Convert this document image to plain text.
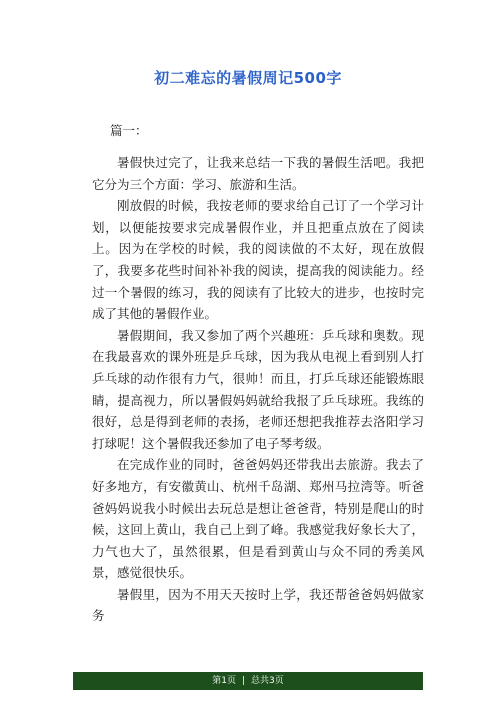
初二难忘的暑假周记500字

篇一：

暑假快过完了，让我来总结一下我的暑假生活吧。我把它分为三个方面：学习、旅游和生活。

刚放假的时候，我按老师的要求给自己订了一个学习计划，以便能按要求完成暑假作业，并且把重点放在了阅读上。因为在学校的时候，我的阅读做的不太好，现在放假了，我要多花些时间补补我的阅读，提高我的阅读能力。经过一个暑假的练习，我的阅读有了比较大的进步，也按时完成了其他的暑假作业。

暑假期间，我又参加了两个兴趣班：乒乓球和奥数。现在我最喜欢的课外班是乒乓球，因为我从电视上看到别人打乒乓球的动作很有力气，很帅！而且，打乒乓球还能锻炼眼睛，提高视力，所以暑假妈妈就给我报了乒乓球班。我练的很好，总是得到老师的表扬，老师还想把我推荐去洛阳学习打球呢！这个暑假我还参加了电子琴考级。

在完成作业的同时，爸爸妈妈还带我出去旅游。我去了好多地方，有安徽黄山、杭州千岛湖、郑州马拉湾等。听爸爸妈妈说我小时候出去玩总是想让爸爸背，特别是爬山的时候，这回上黄山，我自己上到了峰。我感觉我好象长大了，力气也大了，虽然很累，但是看到黄山与众不同的秀美风景，感觉很快乐。

暑假里，因为不用天天按时上学，我还帮爸爸妈妈做家务

第1页 | 总共3页
